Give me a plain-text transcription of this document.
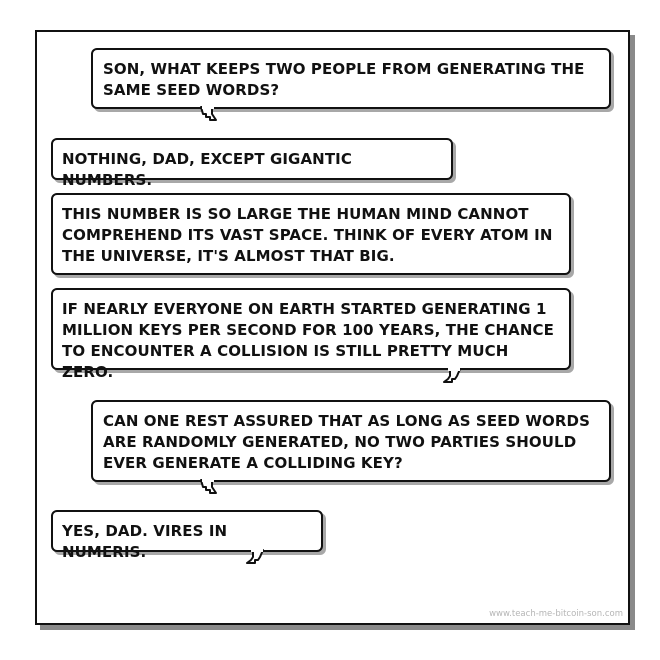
SON, WHAT KEEPS TWO PEOPLE FROM GENERATING THE SAME SEED WORDS?
NOTHING, DAD, EXCEPT GIGANTIC NUMBERS.
THIS NUMBER IS SO LARGE THE HUMAN MIND CANNOT COMPREHEND ITS VAST SPACE. THINK OF EVERY ATOM IN THE UNIVERSE, IT'S ALMOST THAT BIG.
IF NEARLY EVERYONE ON EARTH STARTED GENERATING 1 MILLION KEYS PER SECOND FOR 100 YEARS, THE CHANCE TO ENCOUNTER A COLLISION IS STILL PRETTY MUCH ZERO.
CAN ONE REST ASSURED THAT AS LONG AS SEED WORDS ARE RANDOMLY GENERATED, NO TWO PARTIES SHOULD EVER GENERATE A COLLIDING KEY?
YES, DAD. VIRES IN NUMERIS.
www.teach-me-bitcoin-son.com
